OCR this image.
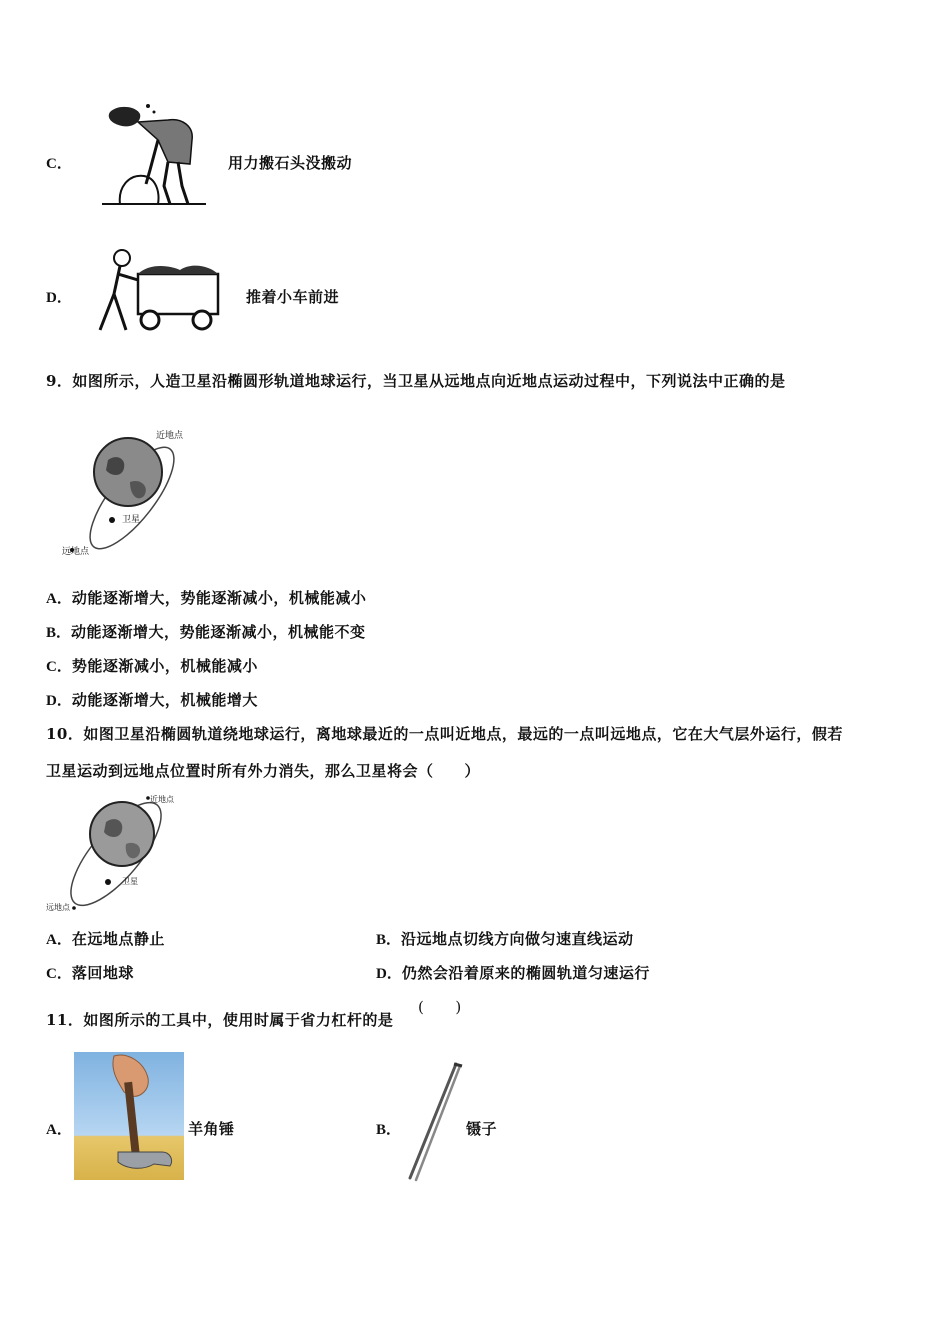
C．	用力搬石头没搬动
D．	推着小车前进
9．如图所示，人造卫星沿椭圆形轨道地球运行，当卫星从远地点向近地点运动过程中，下列说法中正确的是
近地点
卫星
远地点
A．动能逐渐增大，势能逐渐减小，机械能减小
B．动能逐渐增大，势能逐渐减小，机械能不变
C．势能逐渐减小，机械能减小
D．动能逐渐增大，机械能增大
10．如图卫星沿椭圆轨道绕地球运行，离地球最近的一点叫近地点，最远的一点叫远地点，它在大气层外运行，假若
卫星运动到远地点位置时所有外力消失，那么卫星将会（　　）
近地点
卫星
远地点
A．在远地点静止	B．沿远地点切线方向做匀速直线运动
C．落回地球	D．仍然会沿着原来的椭圆轨道匀速运行
11．如图所示的工具中，使用时属于省力杠杆的是
(　　)
A．	羊角锤	B．	镊子
